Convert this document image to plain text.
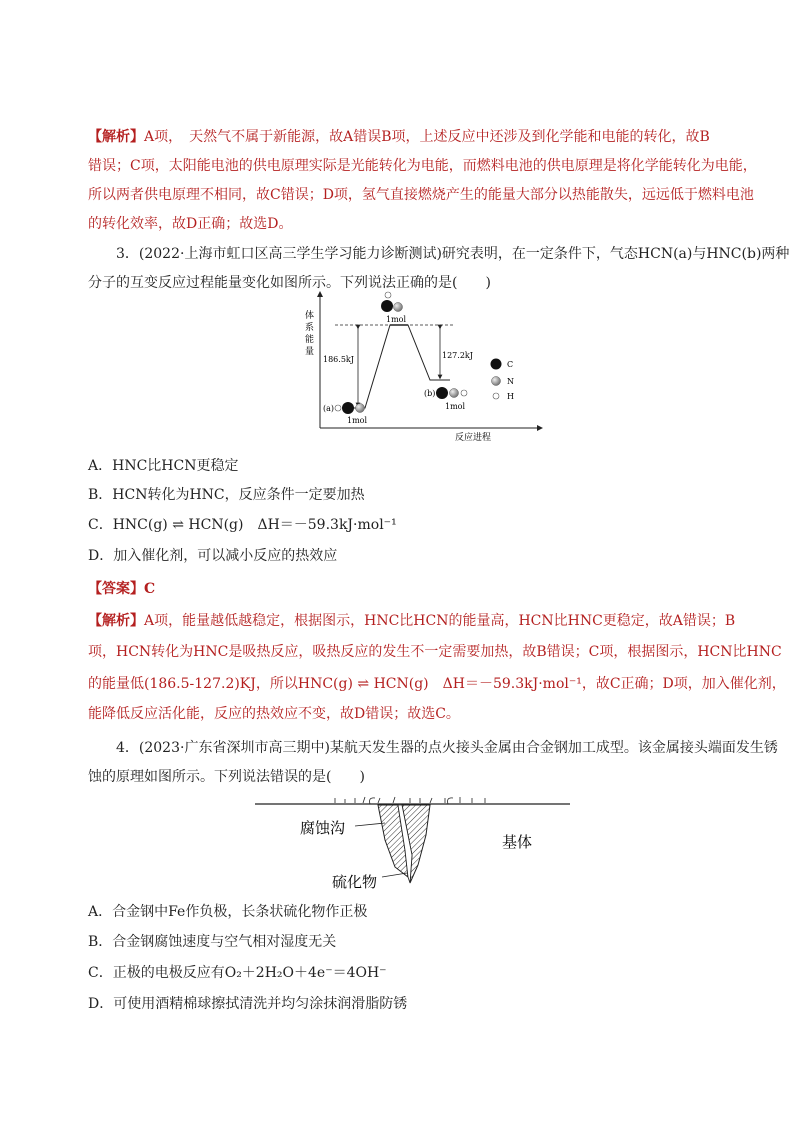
【解析】A项，　天然气不属于新能源，故A错误B项，上述反应中还涉及到化学能和电能的转化，故B
错误；C项，太阳能电池的供电原理实际是光能转化为电能，而燃料电池的供电原理是将化学能转化为电能，
所以两者供电原理不相同，故C错误；D项，氢气直接燃烧产生的能量大部分以热能散失，远远低于燃料电池
的转化效率，故D正确；故选D。
3．(2022·上海市虹口区高三学生学习能力诊断测试)研究表明，在一定条件下，气态HCN(a)与HNC(b)两种
分子的互变反应过程能量变化如图所示。下列说法正确的是(　　)
体
系
能
量
反应进程
186.5kJ	127.2kJ
1mol
(a)
1mol
(b)
1mol
C
N
H
A．HNC比HCN更稳定
B．HCN转化为HNC，反应条件一定要加热
C．HNC(g) ⇌ HCN(g)　ΔH＝－59.3kJ·mol⁻¹
D．加入催化剂，可以减小反应的热效应
【答案】C
【解析】A项，能量越低越稳定，根据图示，HNC比HCN的能量高，HCN比HNC更稳定，故A错误；B
项，HCN转化为HNC是吸热反应，吸热反应的发生不一定需要加热，故B错误；C项，根据图示，HCN比HNC
的能量低(186.5-127.2)KJ，所以HNC(g) ⇌ HCN(g)　ΔH＝－59.3kJ·mol⁻¹，故C正确；D项，加入催化剂，
能降低反应活化能，反应的热效应不变，故D错误；故选C。
4．(2023·广东省深圳市高三期中)某航天发生器的点火接头金属由合金钢加工成型。该金属接头端面发生锈
蚀的原理如图所示。下列说法错误的是(　　)
腐蚀沟
基体
硫化物
A．合金钢中Fe作负极，长条状硫化物作正极
B．合金钢腐蚀速度与空气相对湿度无关
C．正极的电极反应有O₂＋2H₂O＋4e⁻＝4OH⁻
D．可使用酒精棉球擦拭清洗并均匀涂抹润滑脂防锈
